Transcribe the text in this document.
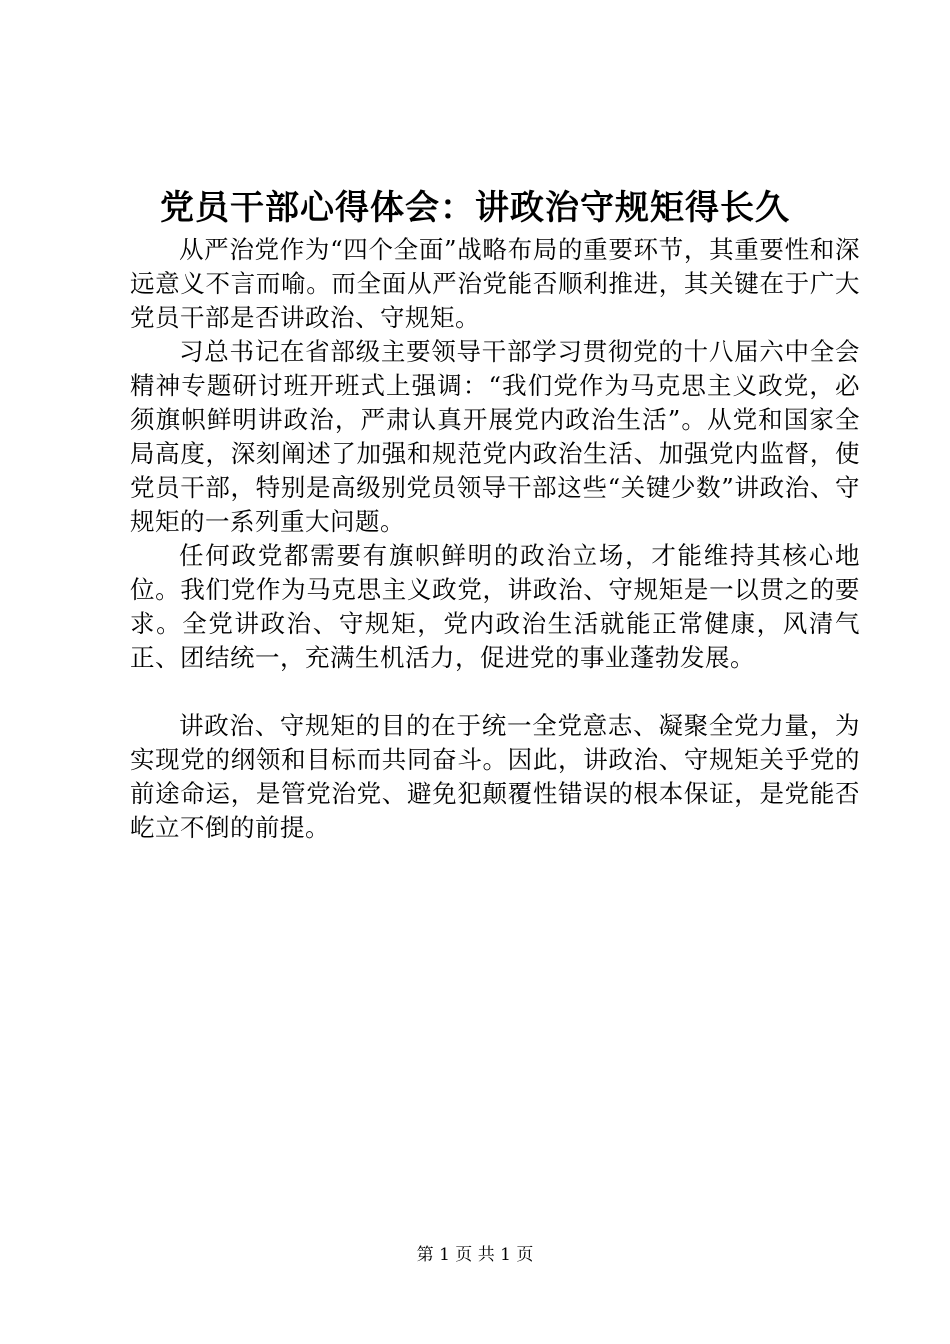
党员干部心得体会：讲政治守规矩得长久

从严治党作为“四个全面”战略布局的重要环节，其重要性和深远意义不言而喻。而全面从严治党能否顺利推进，其关键在于广大党员干部是否讲政治、守规矩。

习总书记在省部级主要领导干部学习贯彻党的十八届六中全会精神专题研讨班开班式上强调：“我们党作为马克思主义政党，必须旗帜鲜明讲政治，严肃认真开展党内政治生活”。从党和国家全局高度，深刻阐述了加强和规范党内政治生活、加强党内监督，使党员干部，特别是高级别党员领导干部这些“关键少数”讲政治、守规矩的一系列重大问题。

任何政党都需要有旗帜鲜明的政治立场，才能维持其核心地位。我们党作为马克思主义政党，讲政治、守规矩是一以贯之的要求。全党讲政治、守规矩，党内政治生活就能正常健康，风清气正、团结统一，充满生机活力，促进党的事业蓬勃发展。

讲政治、守规矩的目的在于统一全党意志、凝聚全党力量，为实现党的纲领和目标而共同奋斗。因此，讲政治、守规矩关乎党的前途命运，是管党治党、避免犯颠覆性错误的根本保证，是党能否屹立不倒的前提。

第 1 页 共 1 页
